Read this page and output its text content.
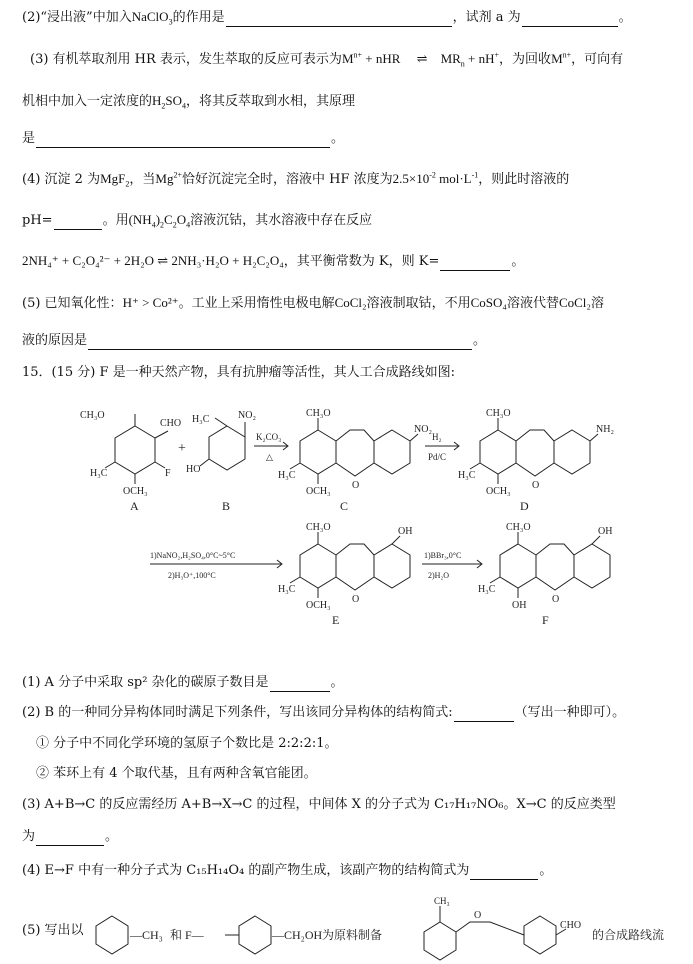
(2)“浸出液”中加入NaClO$_3$的作用是	，试剂 a 为	。
(3) 有机萃取剂用 HR 表示，发生萃取的反应可表示为$M^{n+}$ + nHR ⇌ $MR_n + nH^+$，为回收$M^{n+}$，可向有
机相中加入一定浓度的$H_2SO_4$，将其反萃取到水相，其原理
是	。
(4) 沉淀 2 为MgF$_2$，当$Mg^{2+}$恰好沉淀完全时，溶液中 HF 浓度为$2.5\times 10^{-2}$ $mol\cdot L^{-1}$，则此时溶液的
pH=	。用$(NH_4)_2C_2O_4$溶液沉钴，其水溶液中存在反应
2NH₄⁺ + C₂O₄²⁻ + 2H₂O ⇌ 2NH₃·H₂O + H₂C₂O₄，其平衡常数为 K，则 K=	。
(5) 已知氧化性：H⁺ > Co²⁺。工业上采用惰性电极电解CoCl₂溶液制取钴，不用CoSO₄溶液代替CoCl₂溶
液的原因是	。
15．(15 分) F 是一种天然产物，具有抗肿瘤等活性，其人工合成路线如图:
CH₃O
CHO
H₃C	F
OCH₃
+
H₃C	NO₂
HO
CH₃O
H₃C
OCH₃
O
NO₂
CH₃O
H₃C
OCH₃
O
NH₂
CH₃O
H₃C
OCH₃
O
OH	CH₃O
H₃C
OH
O
OH
K₂CO₃
△
H₂
Pd/C
1)NaNO₂,H₂SO₄,0°C~5°C
2)H₃O⁺,100°C
1)BBr₃,0°C
2)H₂O
A	B	C	D
E	F
(1) A 分子中采取 sp² 杂化的碳原子数目是	。
(2) B 的一种同分异构体同时满足下列条件，写出该同分异构体的结构简式:	（写出一种即可）。
① 分子中不同化学环境的氢原子个数比是 2:2:2:1。
② 苯环上有 4 个取代基，且有两种含氧官能团。
(3) A+B→C 的反应需经历 A+B→X→C 的过程，中间体 X 的分子式为 C₁₇H₁₇NO₆。X→C 的反应类型
为	。
(4) E→F 中有一种分子式为 C₁₅H₁₄O₄ 的副产物生成，该副产物的结构简式为	。
(5) 写出以	—CH₃ 和 F—	—CH₂OH 为原料制备
CH₃
O
CHO
的合成路线流
